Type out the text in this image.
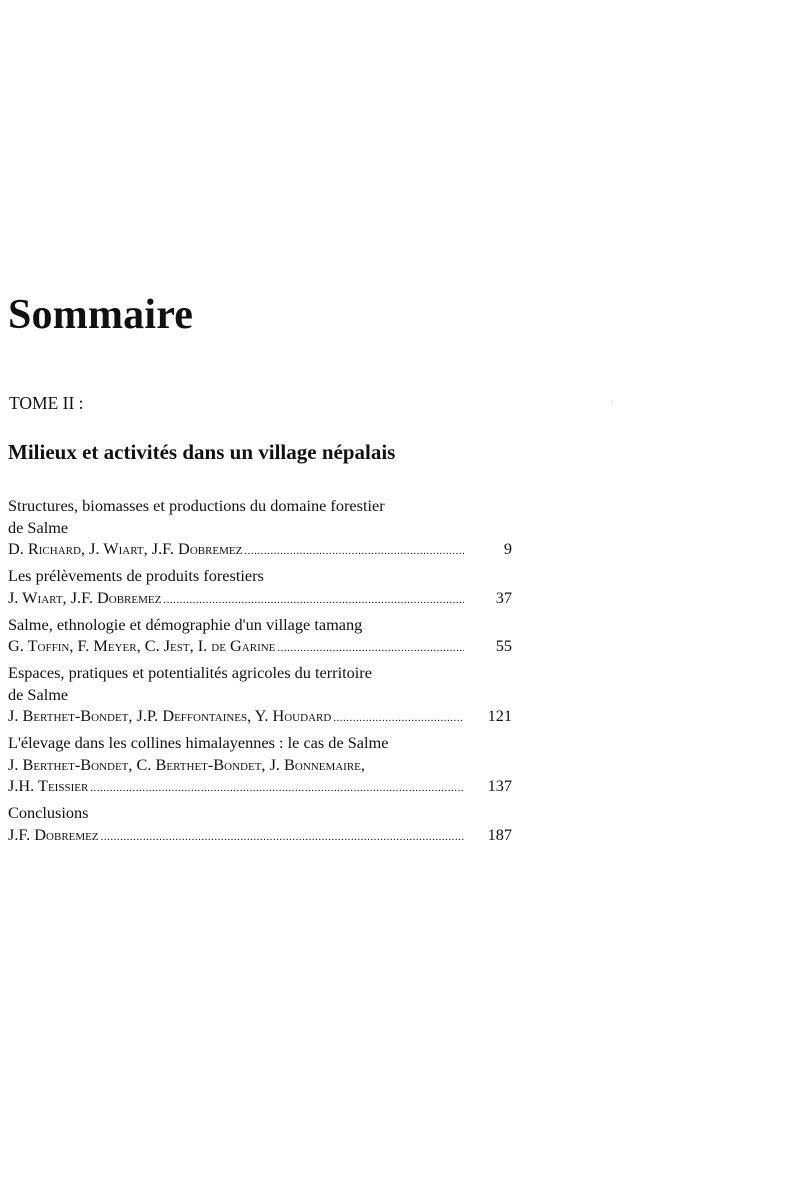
Sommaire
TOME II :
Milieux et activités dans un village népalais
Structures, biomasses et productions du domaine forestier
de Salme
D. Richard, J. Wiart, J.F. Dobremez .....	9
Les prélèvements de produits forestiers
J. Wiart, J.F. Dobremez .....	37
Salme, ethnologie et démographie d'un village tamang
G. Toffin, F. Meyer, C. Jest, I. de Garine .....	55
Espaces, pratiques et potentialités agricoles du territoire
de Salme
J. Berthet-Bondet, J.P. Deffontaines, Y. Houdard .....	121
L'élevage dans les collines himalayennes : le cas de Salme
J. Berthet-Bondet, C. Berthet-Bondet, J. Bonnemaire,
J.H. Teissier .....	137
Conclusions
J.F. Dobremez .....	187
